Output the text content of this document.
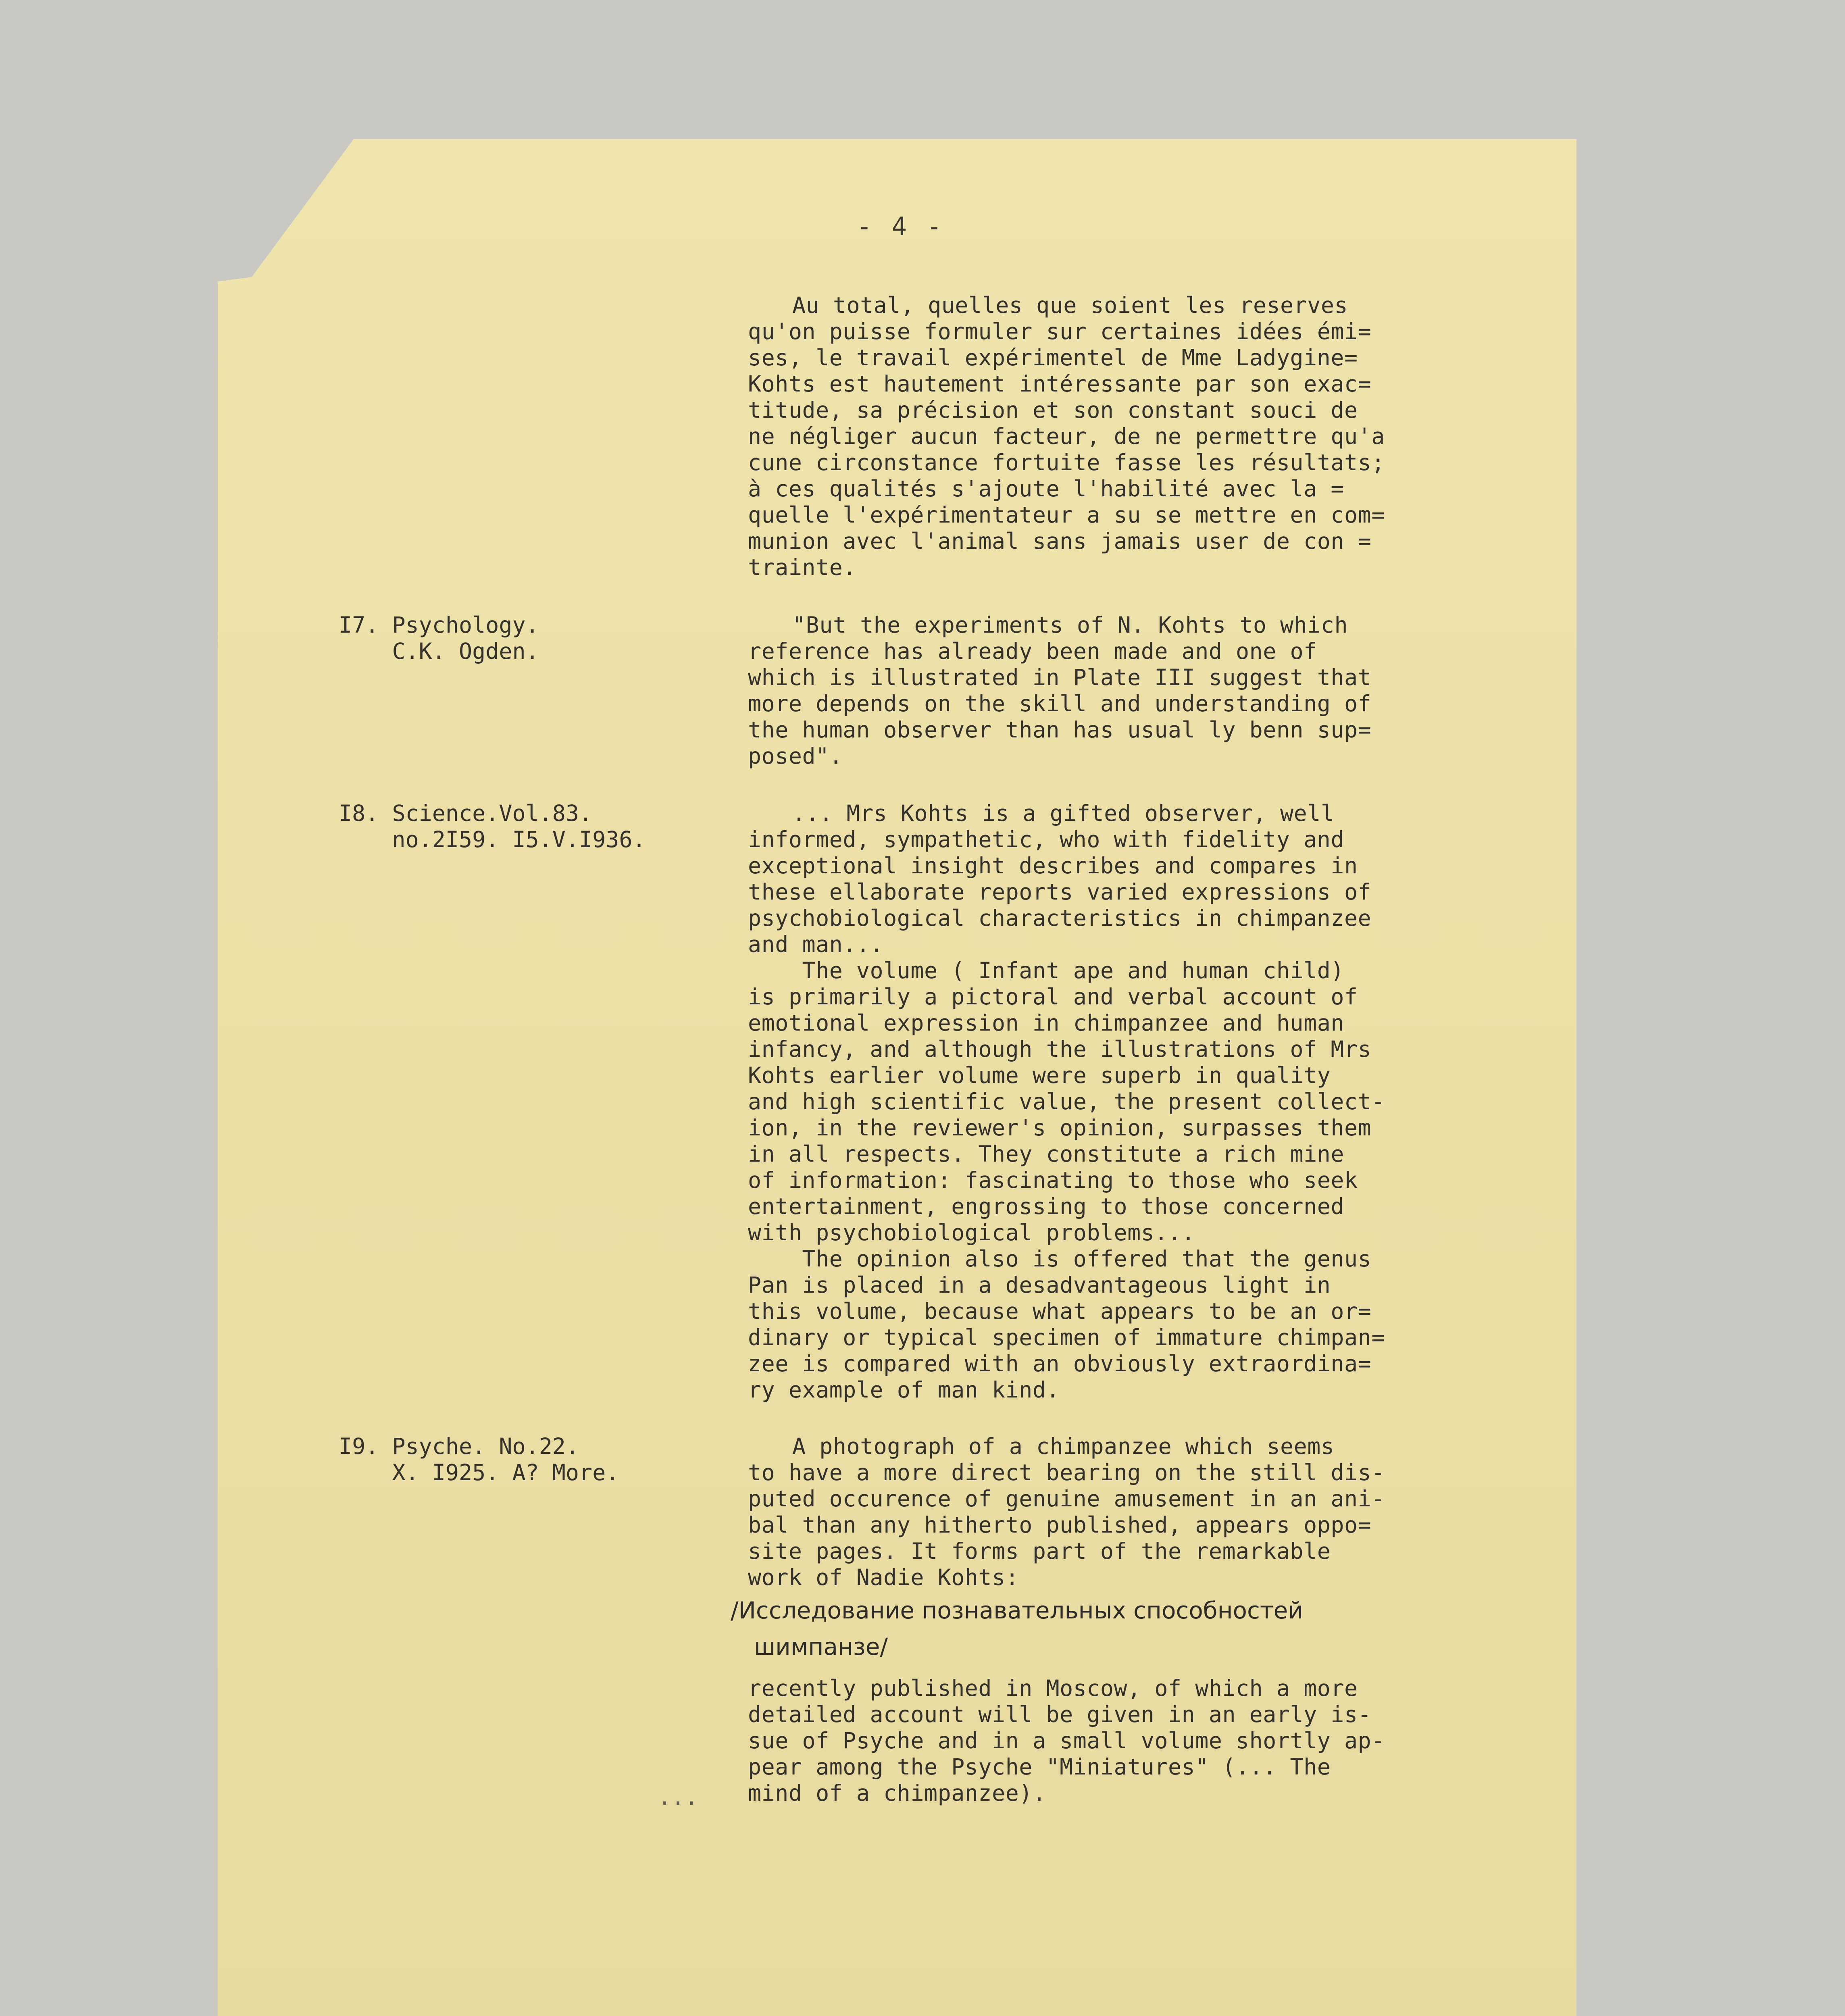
- 4 -
Au total, quelles que soient les reserves
qu'on puisse formuler sur certaines idées émi=
ses, le travail expérimentel de Mme Ladygine=
Kohts est hautement intéressante par son exac=
titude, sa précision et son constant souci de
ne négliger aucun facteur, de ne permettre qu'a
cune circonstance fortuite fasse les résultats;
à ces qualités s'ajoute l'habilité avec la =
quelle l'expérimentateur a su se mettre en com=
munion avec l'animal sans jamais user de con =
trainte.
I7. Psychology.
C.K. Ogden.
"But the experiments of N. Kohts to which
reference has already been made and one of
which is illustrated in Plate III suggest that
more depends on the skill and understanding of
the human observer than has usual ly benn sup=
posed".
I8. Science.Vol.83.
no.2I59. I5.V.I936.
... Mrs Kohts is a gifted observer, well
informed, sympathetic, who with fidelity and
exceptional insight describes and compares in
these ellaborate reports varied expressions of
psychobiological characteristics in chimpanzee
and man...
The volume ( Infant ape and human child)
is primarily a pictoral and verbal account of
emotional expression in chimpanzee and human
infancy, and although the illustrations of Mrs
Kohts earlier volume were superb in quality
and high scientific value, the present collect-
ion, in the reviewer's opinion, surpasses them
in all respects. They constitute a rich mine
of information: fascinating to those who seek
entertainment, engrossing to those concerned
with psychobiological problems...
The opinion also is offered that the genus
Pan is placed in a desadvantageous light in
this volume, because what appears to be an or=
dinary or typical specimen of immature chimpan=
zee is compared with an obviously extraordina=
ry example of man kind.
I9. Psyche. No.22.
X. I925. A? More.
A photograph of a chimpanzee which seems
to have a more direct bearing on the still dis-
puted occurence of genuine amusement in an ani-
bal than any hitherto published, appears oppo=
site pages. It forms part of the remarkable
work of Nadie Kohts:
/Исследование познавательных способностей
шимпанзе/
recently published in Moscow, of which a more
detailed account will be given in an early is-
sue of Psyche and in a small volume shortly ap-
pear among the Psyche "Miniatures" (... The
mind of a chimpanzee).
...
